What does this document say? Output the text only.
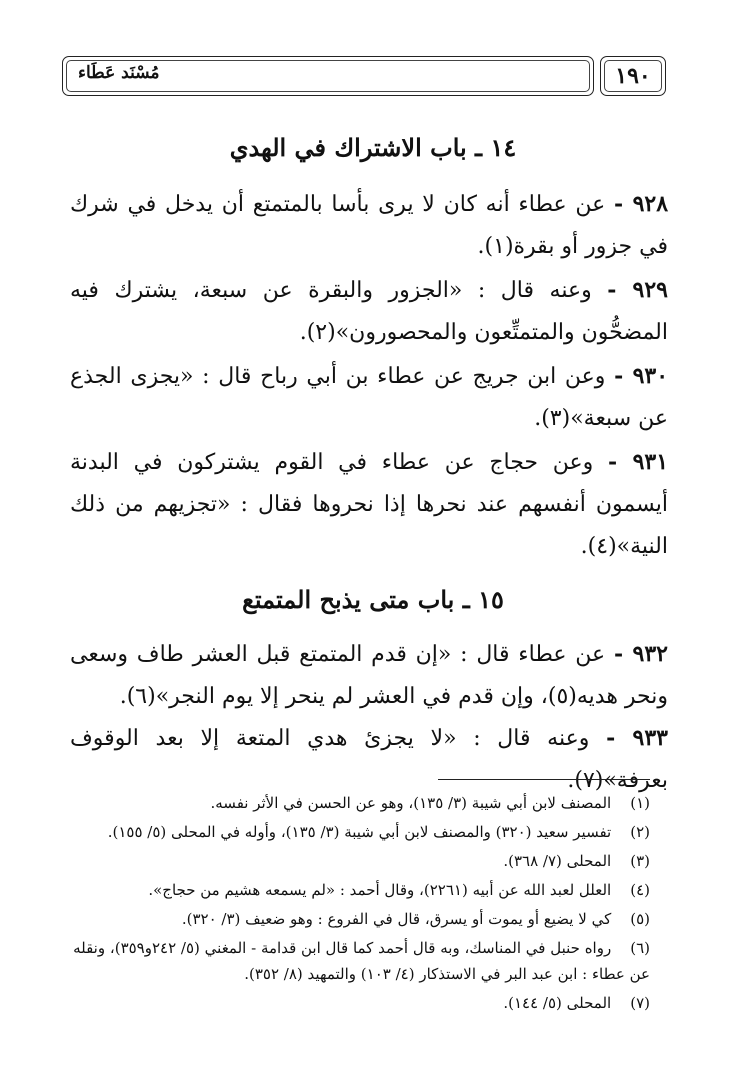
١٩٠
مُسْنَد عَطَاء
١٤ ـ باب الاشتراك في الهدي
٩٢٨ - عن عطاء أنه كان لا يرى بأسا بالمتمتع أن يدخل في شرك في جزور أو بقرة(١).
٩٢٩ - وعنه قال : «الجزور والبقرة عن سبعة، يشترك فيه المضحُّون والمتمتِّعون والمحصورون»(٢).
٩٣٠ - وعن ابن جريج عن عطاء بن أبي رباح قال : «يجزى الجذع عن سبعة»(٣).
٩٣١ - وعن حجاج عن عطاء في القوم يشتركون في البدنة أيسمون أنفسهم عند نحرها إذا نحروها فقال : «تجزيهم من ذلك النية»(٤).
١٥ ـ باب متى يذبح المتمتع
٩٣٢ - عن عطاء قال : «إن قدم المتمتع قبل العشر طاف وسعى ونحر هديه(٥)، وإن قدم في العشر لم ينحر إلا يوم النجر»(٦).
٩٣٣ - وعنه قال : «لا يجزئ هدي المتعة إلا بعد الوقوف بعرفة»(٧).

(١) المصنف لابن أبي شيبة (٣/ ١٣٥)، وهو عن الحسن في الأثر نفسه.

(٢) تفسير سعيد (٣٢٠) والمصنف لابن أبي شيبة (٣/ ١٣٥)، وأوله في المحلى (٥/ ١٥٥).

(٣) المحلى (٧/ ٣٦٨).

(٤) العلل لعبد الله عن أبيه (٢٢٦١)، وقال أحمد : «لم يسمعه هشيم من حجاج».

(٥) كي لا يضيع أو يموت أو يسرق، قال في الفروع : وهو ضعيف (٣/ ٣٢٠).

(٦) رواه حنبل في المناسك، وبه قال أحمد كما قال ابن قدامة - المغني (٥/ ٢٤٢و٣٥٩)، ونقله عن عطاء : ابن عبد البر في الاستذكار (٤/ ١٠٣) والتمهيد (٨/ ٣٥٢).

(٧) المحلى (٥/ ١٤٤).
